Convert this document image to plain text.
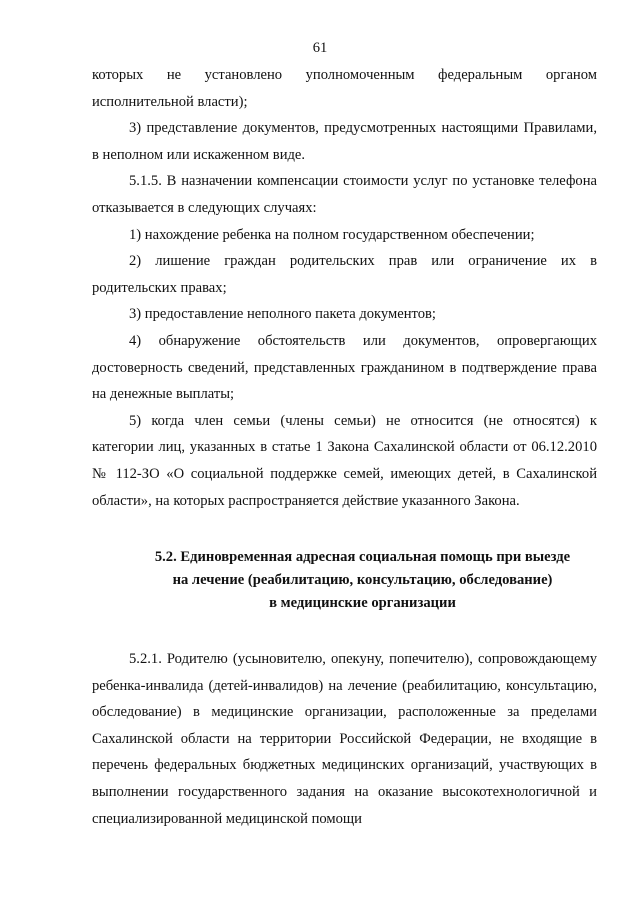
61

которых не установлено уполномоченным федеральным органом исполнительной власти);

3) представление документов, предусмотренных настоящими Правилами, в неполном или искаженном виде.

5.1.5. В назначении компенсации стоимости услуг по установке телефона отказывается в следующих случаях:

1) нахождение ребенка на полном государственном обеспечении;

2) лишение граждан родительских прав или ограничение их в родительских правах;

3) предоставление неполного пакета документов;

4) обнаружение обстоятельств или документов, опровергающих достоверность сведений, представленных гражданином в подтверждение права на денежные выплаты;

5) когда член семьи (члены семьи) не относится (не относятся) к категории лиц, указанных в статье 1 Закона Сахалинской области от 06.12.2010 № 112-ЗО «О социальной поддержке семей, имеющих детей, в Сахалинской области», на которых распространяется действие указанного Закона.

5.2. Единовременная адресная социальная помощь при выезде
на лечение (реабилитацию, консультацию, обследование)
в медицинские организации

5.2.1. Родителю (усыновителю, опекуну, попечителю), сопровождающему ребенка-инвалида (детей-инвалидов) на лечение (реабилитацию, консультацию, обследование) в медицинские организации, расположенные за пределами Сахалинской области на территории Российской Федерации, не входящие в перечень федеральных бюджетных медицинских организаций, участвующих в выполнении государственного задания на оказание высокотехнологичной и специализированной медицинской помощи
